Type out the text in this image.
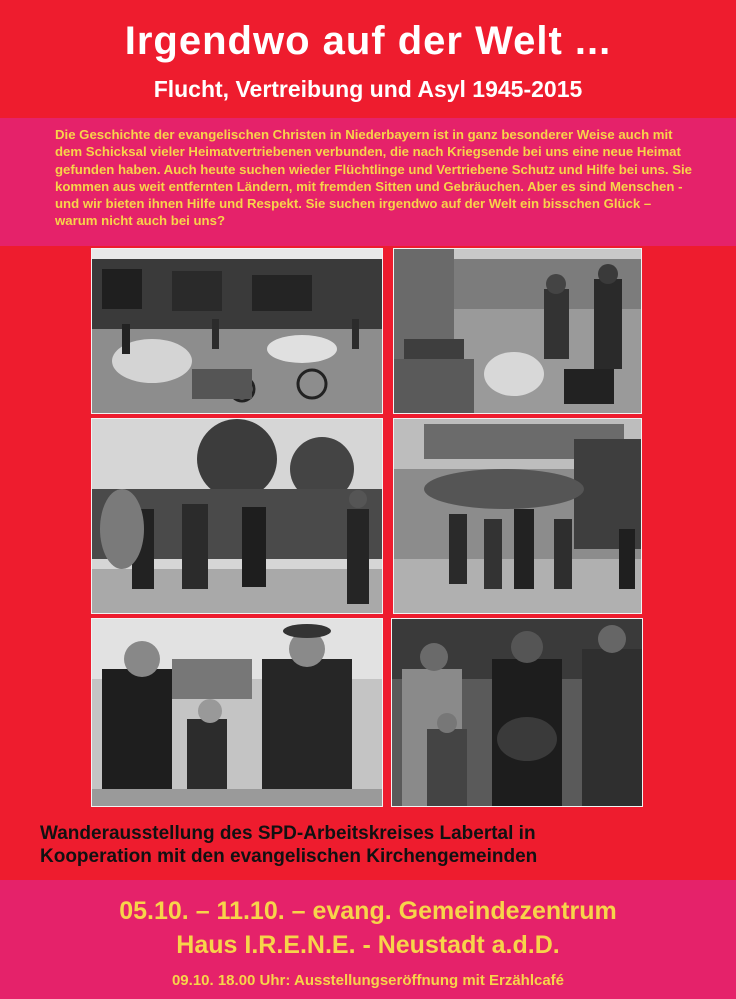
Irgendwo auf der Welt ...
Flucht, Vertreibung und Asyl 1945-2015
Die Geschichte der evangelischen Christen in Niederbayern ist in ganz besonderer Weise auch mit dem Schicksal vieler Heimatvertriebenen verbunden, die nach Kriegsende bei uns eine neue Heimat gefunden haben. Auch heute suchen wieder Flüchtlinge und Vertriebene Schutz und Hilfe bei uns. Sie kommen aus weit entfernten Ländern, mit fremden Sitten und Gebräuchen. Aber es sind Menschen - und wir bieten ihnen Hilfe und Respekt. Sie suchen irgendwo auf der Welt ein bisschen Glück – warum nicht auch bei uns?
Wanderausstellung des SPD-Arbeitskreises Labertal in
Kooperation mit den evangelischen Kirchengemeinden
05.10. – 11.10. – evang. Gemeindezentrum
Haus I.R.E.N.E. - Neustadt a.d.D.
09.10. 18.00 Uhr: Ausstellungseröffnung mit Erzählcafé
